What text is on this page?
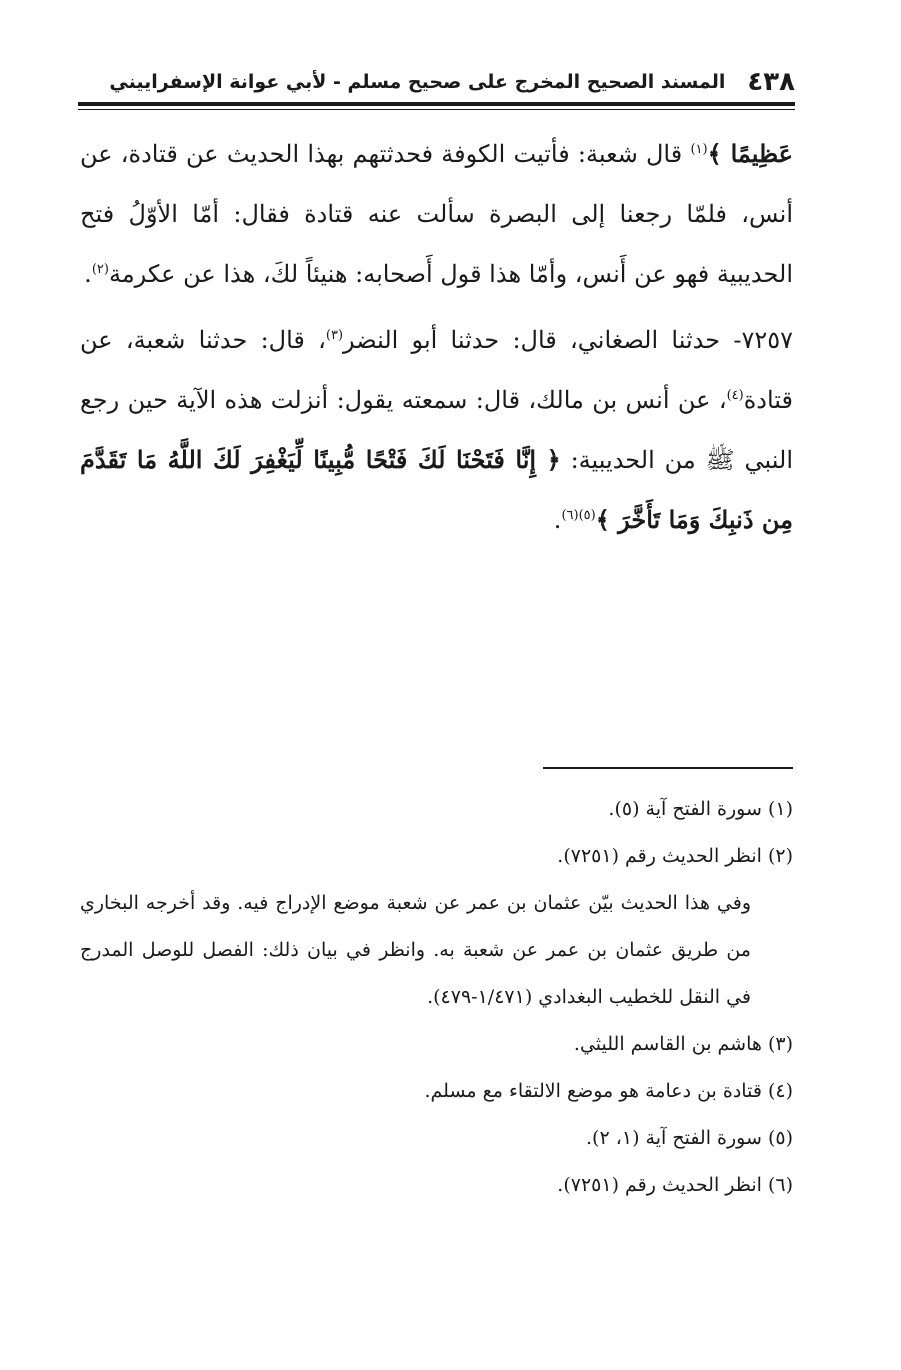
٤٣٨
المسند الصحيح المخرج على صحيح مسلم - لأبي عوانة الإسفراييني

عَظِيمًا ﴾$^{(١)}$ قال شعبة: فأتيت الكوفة فحدثتهم بهذا الحديث عن قتادة، عن أنس، فلمّا رجعنا إلى البصرة سألت عنه قتادة فقال: أمّا الأوّلُ فتح الحديبية فهو عن أَنس، وأمّا هذا قول أَصحابه: هنيئاً لكَ، هذا عن عكرمة$^{(٢)}$.

٧٢٥٧- حدثنا الصغاني، قال: حدثنا أبو النضر$^{(٣)}$، قال: حدثنا شعبة، عن قتادة$^{(٤)}$، عن أنس بن مالك، قال: سمعته يقول: أنزلت هذه الآية حين رجع النبي ﷺ من الحديبية: ﴿ إِنَّا فَتَحْنَا لَكَ فَتْحًا مُّبِينًا لِّيَغْفِرَ لَكَ اللَّهُ مَا تَقَدَّمَ مِن ذَنبِكَ وَمَا تَأَخَّرَ ﴾$^{(٥)(٦)}$.

(١) سورة الفتح آية (٥).

(٢) انظر الحديث رقم (٧٢٥١).

وفي هذا الحديث بيّن عثمان بن عمر عن شعبة موضع الإدراج فيه. وقد أخرجه البخاري من طريق عثمان بن عمر عن شعبة به. وانظر في بيان ذلك: الفصل للوصل المدرج في النقل للخطيب البغدادي (١/٤٧١-٤٧٩).

(٣) هاشم بن القاسم الليثي.

(٤) قتادة بن دعامة هو موضع الالتقاء مع مسلم.

(٥) سورة الفتح آية (١، ٢).

(٦) انظر الحديث رقم (٧٢٥١).
